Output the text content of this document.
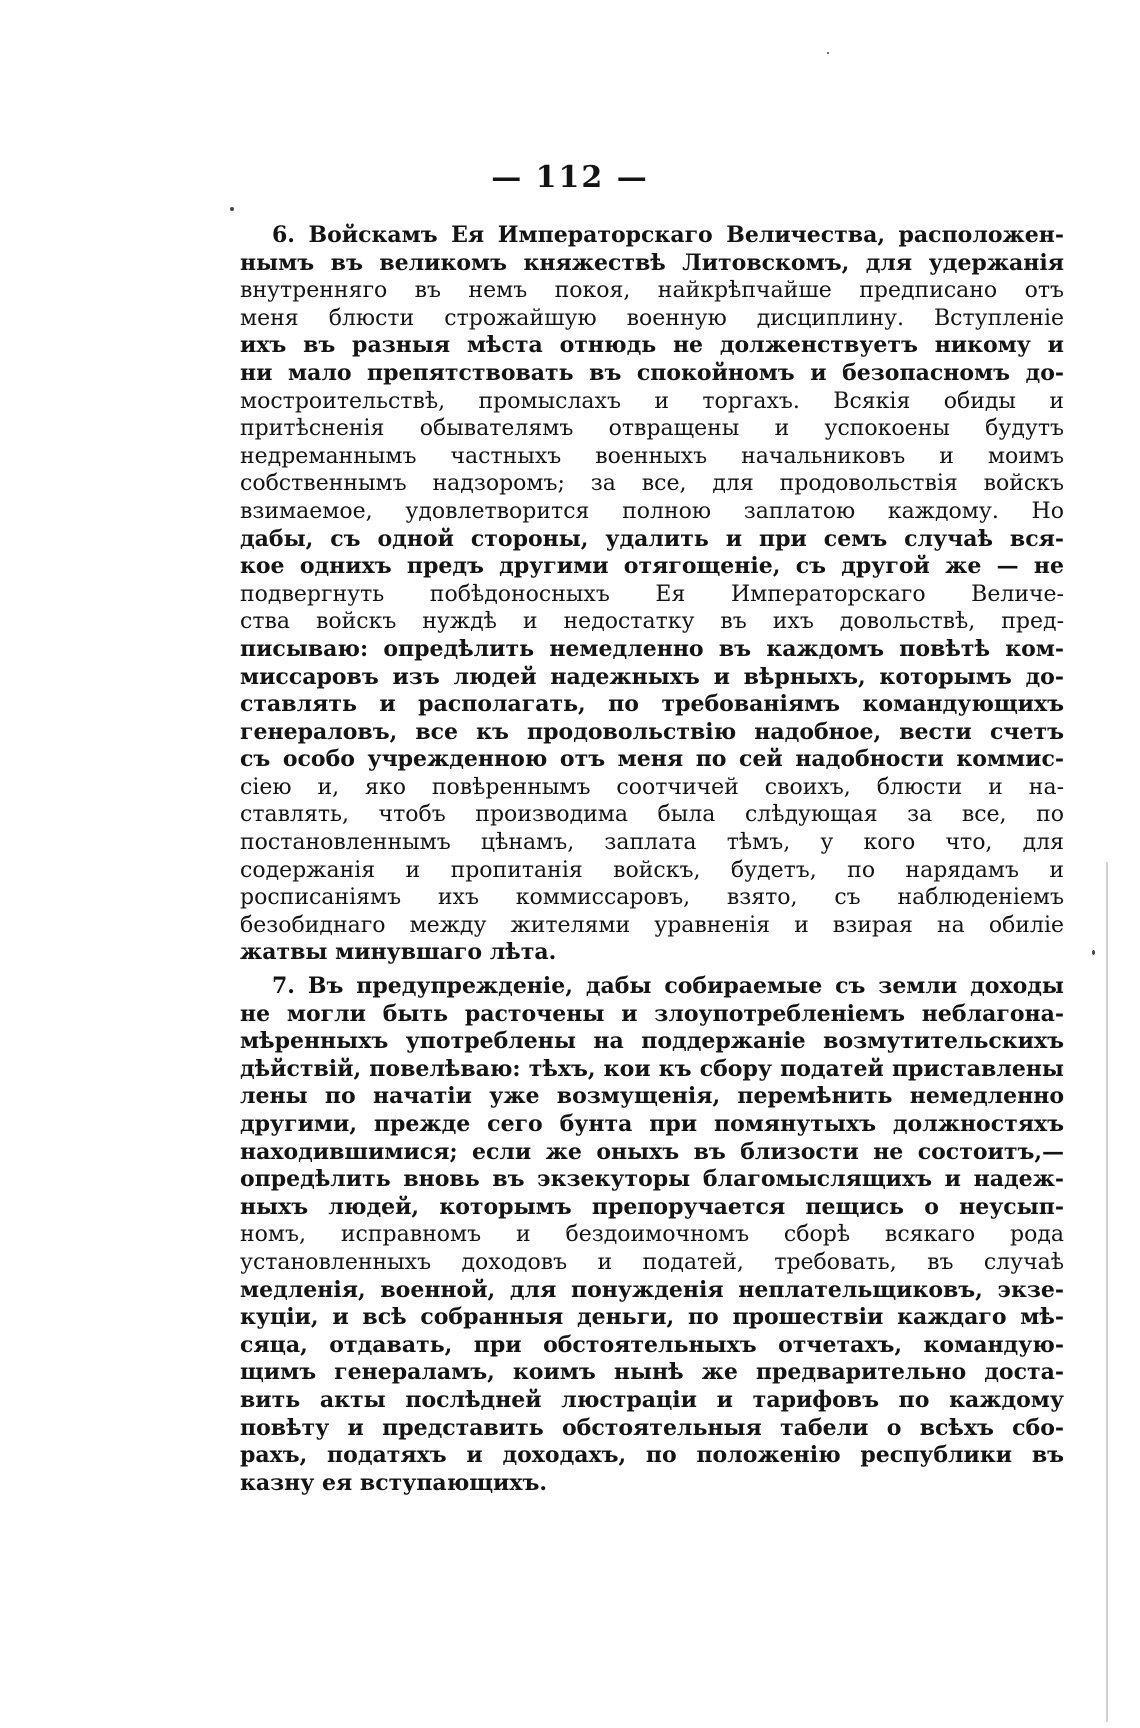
— 112 —
6. Войскамъ Ея Императорскаго Величества, расположен-
нымъ въ великомъ княжествѣ Литовскомъ, для удержанія
внутренняго въ немъ покоя, найкрѣпчайше предписано отъ
меня блюсти строжайшую военную дисциплину. Вступленіе
ихъ въ разныя мѣста отнюдь не долженствуетъ никому и
ни мало препятствовать въ спокойномъ и безопасномъ до-
мостроительствѣ, промыслахъ и торгахъ. Всякія обиды и
притѣсненія обывателямъ отвращены и успокоены будутъ
недреманнымъ частныхъ военныхъ начальниковъ и моимъ
собственнымъ надзоромъ; за все, для продовольствія войскъ
взимаемое, удовлетворится полною заплатою каждому. Но
дабы, съ одной стороны, удалить и при семъ случаѣ вся-
кое однихъ предъ другими отягощеніе, съ другой же — не
подвергнуть побѣдоносныхъ Ея Императорскаго Величе-
ства войскъ нуждѣ и недостатку въ ихъ довольствѣ, пред-
писываю: опредѣлить немедленно въ каждомъ повѣтѣ ком-
миссаровъ изъ людей надежныхъ и вѣрныхъ, которымъ до-
ставлять и располагать, по требованіямъ командующихъ
генераловъ, все къ продовольствію надобное, вести счетъ
съ особо учрежденною отъ меня по сей надобности коммис-
сіею и, яко повѣреннымъ соотчичей своихъ, блюсти и на-
ставлять, чтобъ производима была слѣдующая за все, по
постановленнымъ цѣнамъ, заплата тѣмъ, у кого что, для
содержанія и пропитанія войскъ, будетъ, по нарядамъ и
росписаніямъ ихъ коммиссаровъ, взято, съ наблюденіемъ
безобиднаго между жителями уравненія и взирая на обиліе
жатвы минувшаго лѣта.
7. Въ предупрежденіе, дабы собираемые съ земли доходы
не могли быть расточены и злоупотребленіемъ неблагона-
мѣренныхъ употреблены на поддержаніе возмутительскихъ
дѣйствій, повелѣваю: тѣхъ, кои къ сбору податей приставлены
лены по начатіи уже возмущенія, перемѣнить немедленно
другими, прежде сего бунта при помянутыхъ должностяхъ
находившимися; если же оныхъ въ близости не состоитъ,—
опредѣлить вновь въ экзекуторы благомыслящихъ и надеж-
ныхъ людей, которымъ препоручается пещись о неусып-
номъ, исправномъ и бездоимочномъ сборѣ всякаго рода
установленныхъ доходовъ и податей, требовать, въ случаѣ
медленія, военной, для понужденія неплательщиковъ, экзе-
куціи, и всѣ собранныя деньги, по прошествіи каждаго мѣ-
сяца, отдавать, при обстоятельныхъ отчетахъ, командую-
щимъ генераламъ, коимъ нынѣ же предварительно доста-
вить акты послѣдней люстраціи и тарифовъ по каждому
повѣту и представить обстоятельныя табели о всѣхъ сбо-
рахъ, податяхъ и доходахъ, по положенію республики въ
казну ея вступающихъ.
